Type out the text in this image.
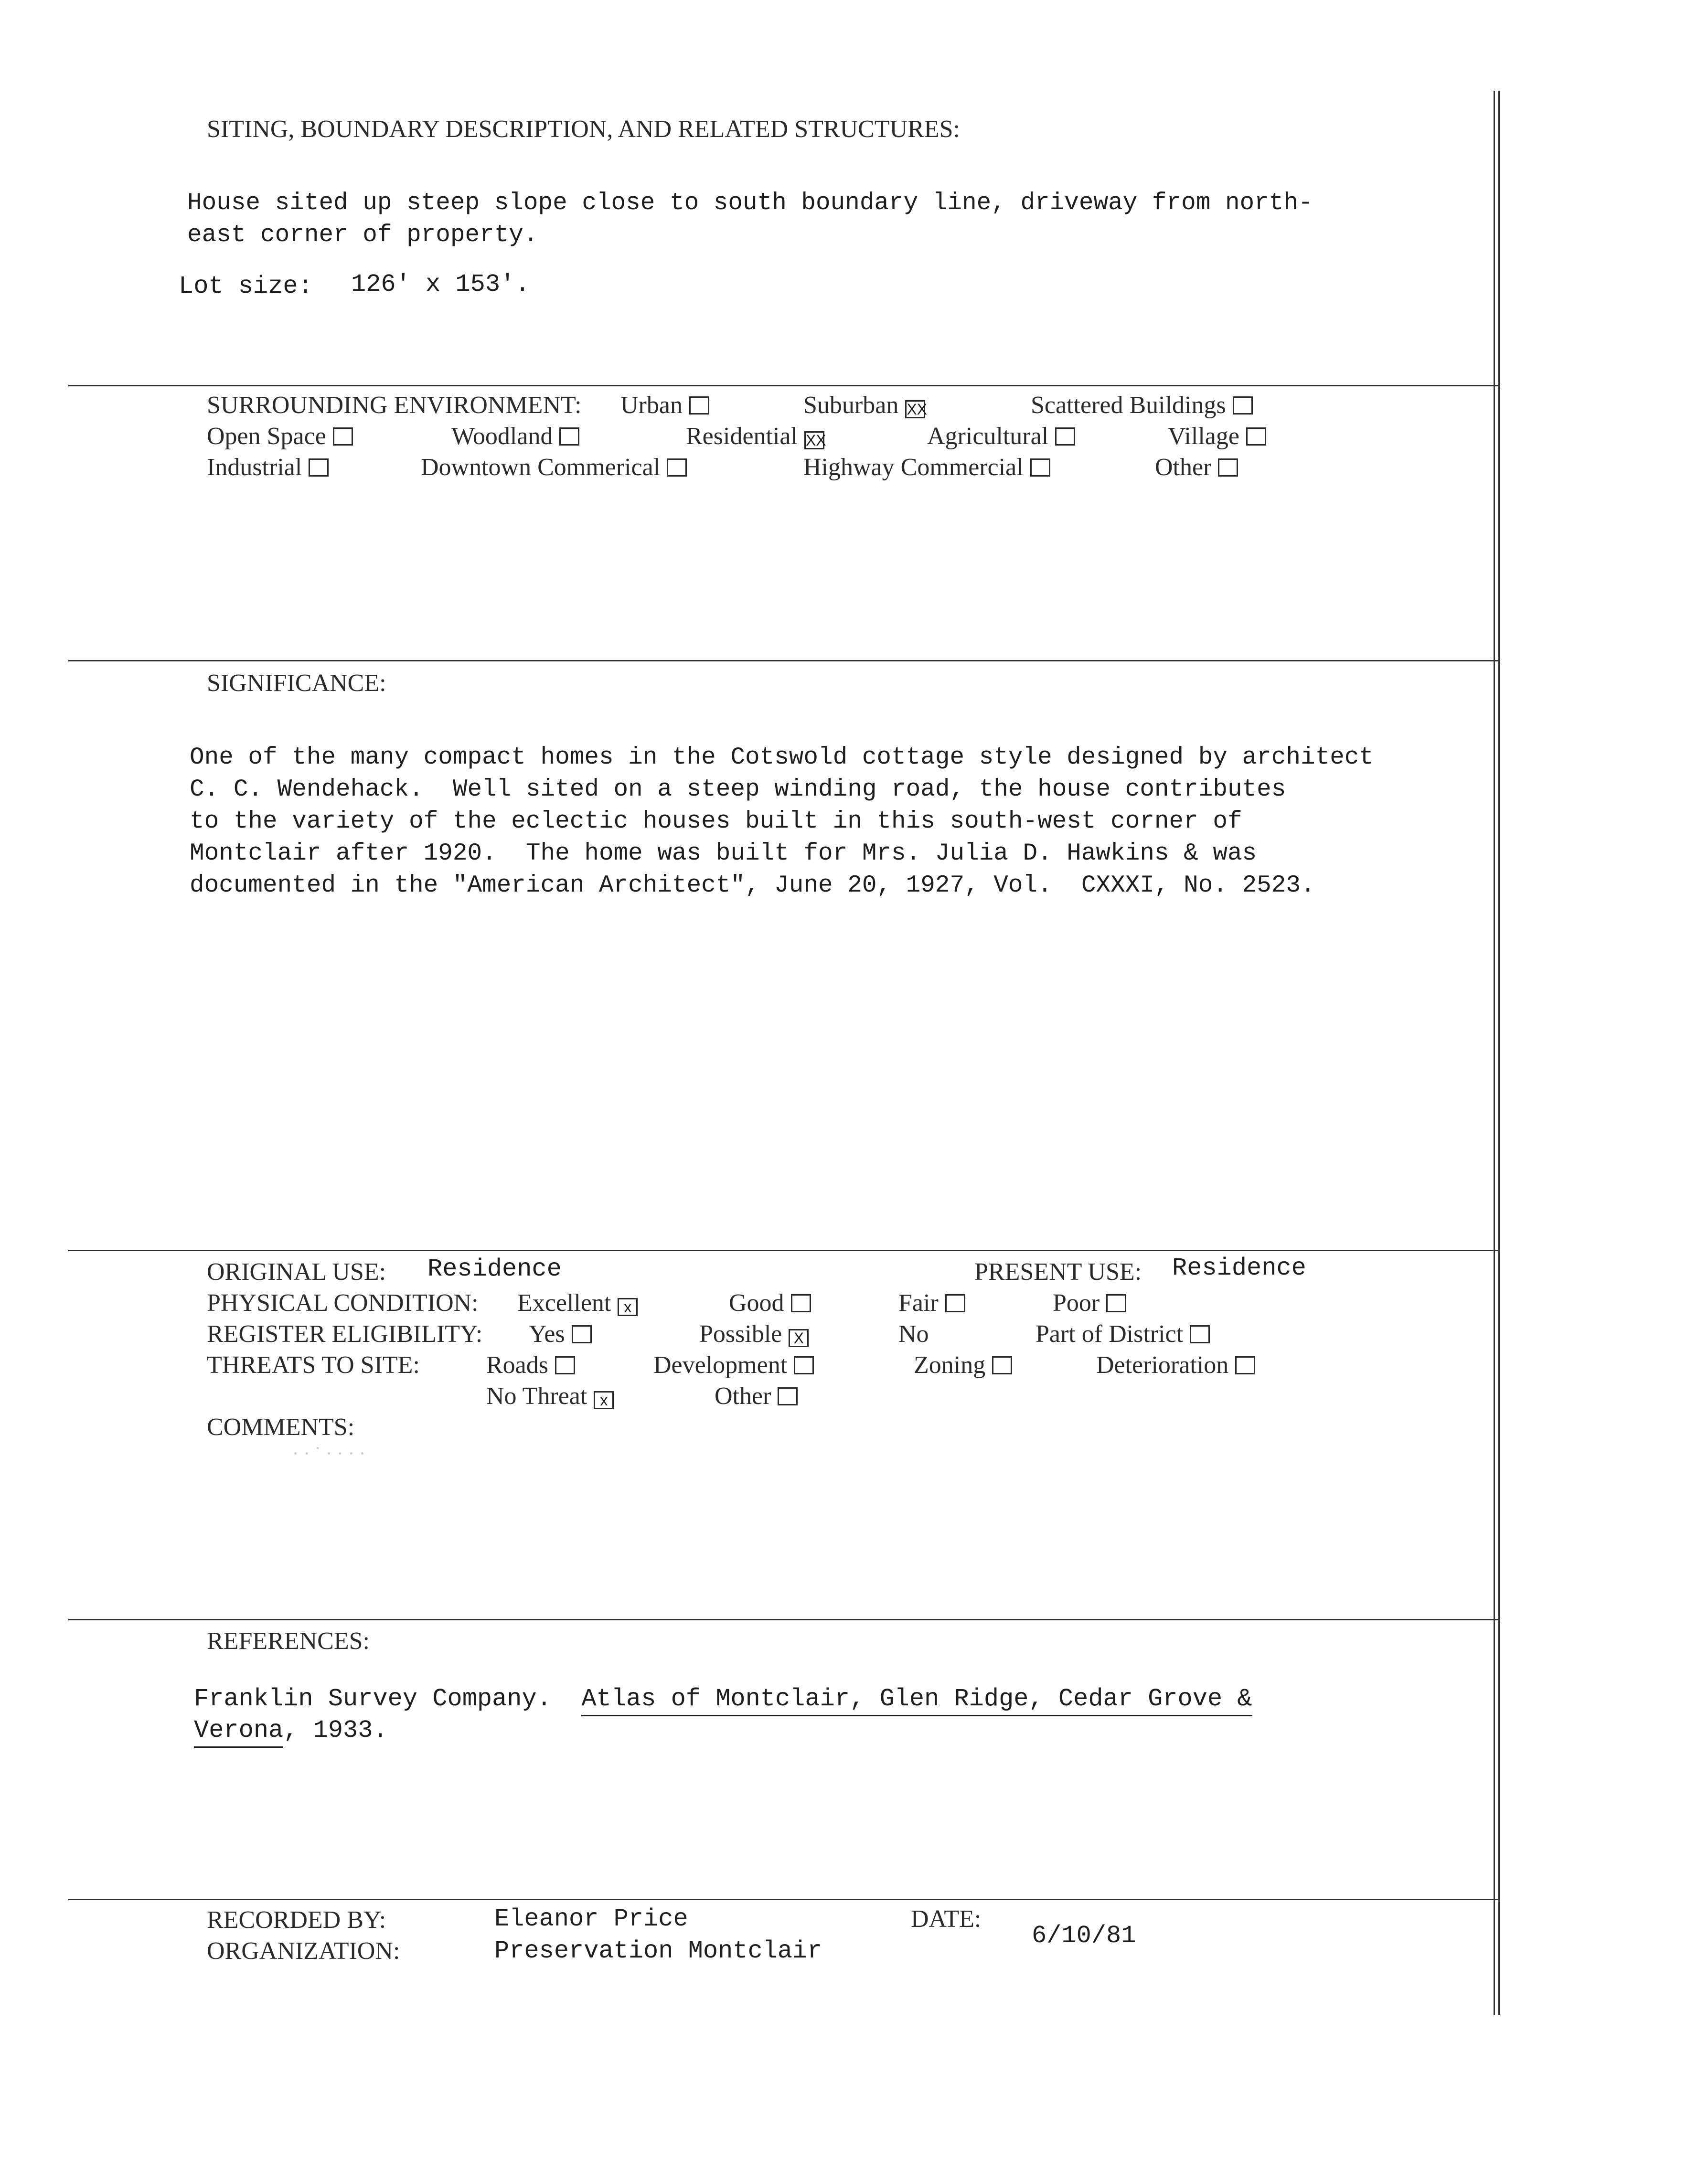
SITING, BOUNDARY DESCRIPTION, AND RELATED STRUCTURES:
House sited up steep slope close to south boundary line, driveway from north-
east corner of property.
Lot size: 126' x 153'.
SURROUNDING ENVIRONMENT: Urban	Suburban XX	Scattered Buildings
Open Space	Woodland	Residential XX	Agricultural	Village
Industrial	Downtown Commerical	Highway Commercial	Other
SIGNIFICANCE:
One of the many compact homes in the Cotswold cottage style designed by architect
C. C. Wendehack.  Well sited on a steep winding road, the house contributes
to the variety of the eclectic houses built in this south-west corner of
Montclair after 1920.  The home was built for Mrs. Julia D. Hawkins & was
documented in the "American Architect", June 20, 1927, Vol.  CXXXI, No. 2523.
ORIGINAL USE: Residence	PRESENT USE: Residence
PHYSICAL CONDITION: Excellent x	Good	Fair	Poor
REGISTER ELIGIBILITY: Yes	Possible X	No	Part of District
THREATS TO SITE:	Roads	Development	Zoning	Deterioration
No Threat x	Other
COMMENTS:
· · ˙ · · · ·
REFERENCES:
Franklin Survey Company.  Atlas of Montclair, Glen Ridge, Cedar Grove &
Verona, 1933.
RECORDED BY:	Eleanor Price	DATE:
6/10/81
ORGANIZATION:	Preservation Montclair
